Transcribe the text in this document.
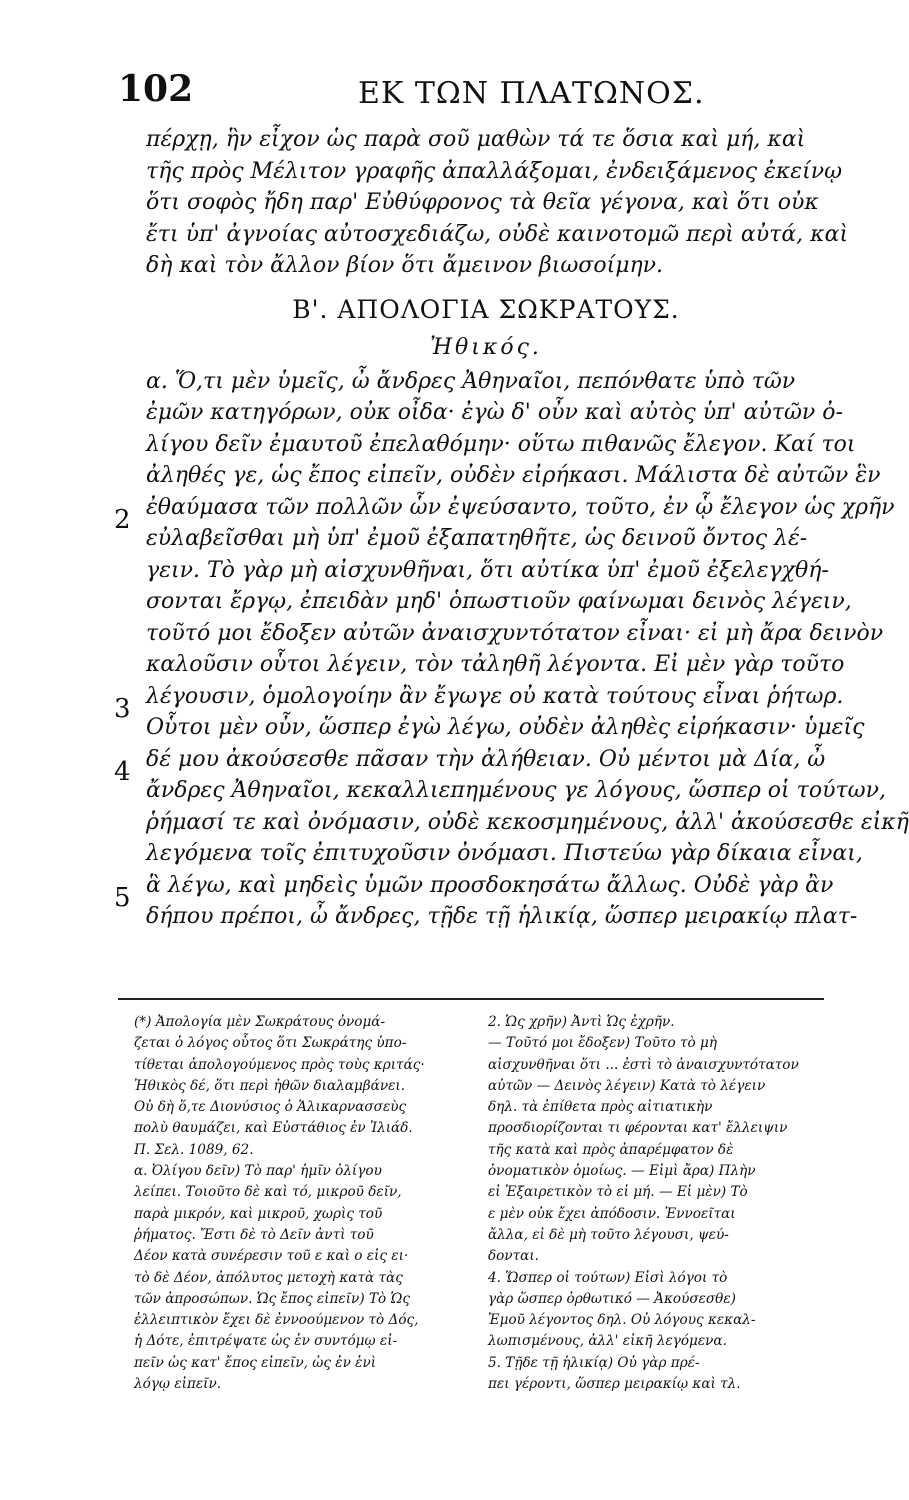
102	ΕΚ ΤΩΝ ΠΛΑΤΩΝΟΣ.
πέρχῃ, ἣν εἶχον ὡς παρὰ σοῦ μαθὼν τά τε ὅσια καὶ μή, καὶ
τῆς πρὸς Μέλιτον γραφῆς ἀπαλλάξομαι, ἐνδειξάμενος ἐκείνῳ
ὅτι σοφὸς ἤδη παρ' Εὐθύφρονος τὰ θεῖα γέγονα, καὶ ὅτι οὐκ
ἔτι ὑπ' ἀγνοίας αὐτοσχεδιάζω, οὐδὲ καινοτομῶ περὶ αὐτά, καὶ
δὴ καὶ τὸν ἄλλον βίον ὅτι ἄμεινον βιωσοίμην.
Β'. ΑΠΟΛΟΓΙΑ ΣΩΚΡΑΤΟΥΣ.
Ἠθικός.
α. Ὅ,τι μὲν ὑμεῖς, ὦ ἄνδρες Ἀθηναῖοι, πεπόνθατε ὑπὸ τῶν
ἐμῶν κατηγόρων, οὐκ οἶδα· ἐγὼ δ' οὖν καὶ αὐτὸς ὑπ' αὐτῶν ὀ-
λίγου δεῖν ἐμαυτοῦ ἐπελαθόμην· οὕτω πιθανῶς ἔλεγον. Καί τοι
ἀληθές γε, ὡς ἔπος εἰπεῖν, οὐδὲν εἰρήκασι. Μάλιστα δὲ αὐτῶν ἓν
ἐθαύμασα τῶν πολλῶν ὧν ἐψεύσαντο, τοῦτο, ἐν ᾧ ἔλεγον ὡς χρῆν
εὐλαβεῖσθαι μὴ ὑπ' ἐμοῦ ἐξαπατηθῆτε, ὡς δεινοῦ ὄντος λέ-
γειν. Τὸ γὰρ μὴ αἰσχυνθῆναι, ὅτι αὐτίκα ὑπ' ἐμοῦ ἐξελεγχθή-
σονται ἔργῳ, ἐπειδὰν μηδ' ὁπωστιοῦν φαίνωμαι δεινὸς λέγειν,
τοῦτό μοι ἔδοξεν αὐτῶν ἀναισχυντότατον εἶναι· εἰ μὴ ἄρα δεινὸν
καλοῦσιν οὗτοι λέγειν, τὸν τἀληθῆ λέγοντα. Εἰ μὲν γὰρ τοῦτο
λέγουσιν, ὁμολογοίην ἂν ἔγωγε οὐ κατὰ τούτους εἶναι ῥήτωρ.
Οὗτοι μὲν οὖν, ὥσπερ ἐγὼ λέγω, οὐδὲν ἀληθὲς εἰρήκασιν· ὑμεῖς
δέ μου ἀκούσεσθε πᾶσαν τὴν ἀλήθειαν. Οὐ μέντοι μὰ Δία, ὦ
ἄνδρες Ἀθηναῖοι, κεκαλλιεπημένους γε λόγους, ὥσπερ οἱ τούτων,
ῥήμασί τε καὶ ὀνόμασιν, οὐδὲ κεκοσμημένους, ἀλλ' ἀκούσεσθε εἰκῆ
λεγόμενα τοῖς ἐπιτυχοῦσιν ὀνόμασι. Πιστεύω γὰρ δίκαια εἶναι,
ἃ λέγω, καὶ μηδεὶς ὑμῶν προσδοκησάτω ἄλλως. Οὐδὲ γὰρ ἂν
δήπου πρέποι, ὦ ἄνδρες, τῇδε τῇ ἡλικίᾳ, ὥσπερ μειρακίῳ πλατ-
2
3
4
5
(*) Ἀπολογία μὲν Σωκράτους ὀνομά-
ζεται ὁ λόγος οὗτος ὅτι Σωκράτης ὑπο-
τίθεται ἀπολογούμενος πρὸς τοὺς κριτάς·
Ἠθικὸς δέ, ὅτι περὶ ἠθῶν διαλαμβάνει.
Οὐ δὴ ὅ,τε Διονύσιος ὁ Ἁλικαρνασσεὺς
πολὺ θαυμάζει, καὶ Εὐστάθιος ἐν Ἰλιάδ.
Π. Σελ. 1089, 62.
α. Ὀλίγου δεῖν) Τὸ παρ' ἡμῖν ὀλίγου
λείπει. Τοιοῦτο δὲ καὶ τό, μικροῦ δεῖν,
παρὰ μικρόν, καὶ μικροῦ, χωρὶς τοῦ
ῥήματος. Ἔστι δὲ τὸ Δεῖν ἀντὶ τοῦ
Δέον κατὰ συνέρεσιν τοῦ ε καὶ ο εἰς ει·
τὸ δὲ Δέον, ἀπόλυτος μετοχὴ κατὰ τὰς
τῶν ἀπροσώπων. Ὡς ἔπος εἰπεῖν) Τὸ Ὡς
ἐλλειπτικὸν ἔχει δὲ ἐννοούμενον τὸ Δός,
ἡ Δότε, ἐπιτρέψατε ὡς ἐν συντόμῳ εἰ-
πεῖν ὡς κατ' ἔπος εἰπεῖν, ὡς ἐν ἑνὶ
λόγῳ εἰπεῖν.
2. Ὡς χρῆν) Ἀντὶ Ὡς ἐχρῆν.
— Τοῦτό μοι ἔδοξεν) Τοῦτο τὸ μὴ
αἰσχυνθῆναι ὅτι ... ἐστὶ τὸ ἀναισχυντότατον
αὐτῶν — Δεινὸς λέγειν) Κατὰ τὸ λέγειν
δηλ. τὰ ἐπίθετα πρὸς αἰτιατικὴν
προσδιορίζονται τι φέρονται κατ' ἔλλειψιν
τῆς κατὰ καὶ πρὸς ἀπαρέμφατον δὲ
ὀνοματικὸν ὁμοίως. — Εἰμὶ ἄρα) Πλὴν
εἰ Ἐξαιρετικὸν τὸ εἰ μή. — Εἰ μὲν) Τὸ
ε μὲν οὐκ ἔχει ἀπόδοσιν. Ἐννοεῖται
ἄλλα, εἰ δὲ μὴ τοῦτο λέγουσι, ψεύ-
δονται.
4. Ὥσπερ οἱ τούτων) Εἰσὶ λόγοι τὸ
γὰρ ὥσπερ ὀρθωτικό — Ἀκούσεσθε)
Ἐμοῦ λέγοντος δηλ. Οὐ λόγους κεκαλ-
λωπισμένους, ἀλλ' εἰκῆ λεγόμενα.
5. Τῇδε τῇ ἡλικίᾳ) Οὐ γὰρ πρέ-
πει γέροντι, ὥσπερ μειρακίῳ καὶ τλ.
